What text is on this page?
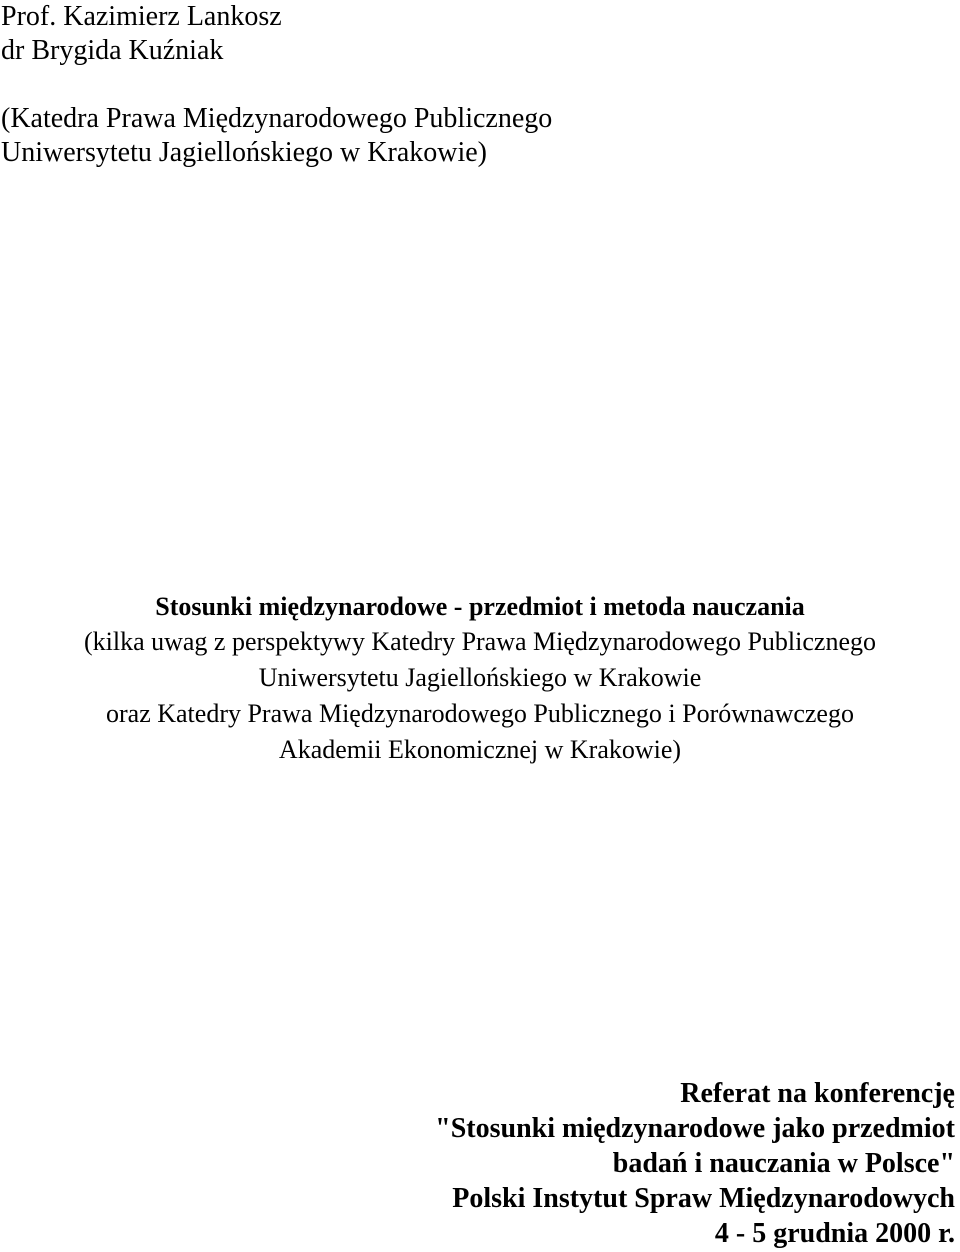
Prof. Kazimierz Lankosz
dr Brygida Kuźniak
(Katedra Prawa Międzynarodowego Publicznego
Uniwersytetu Jagiellońskiego w Krakowie)
Stosunki międzynarodowe - przedmiot i metoda nauczania
(kilka uwag z perspektywy Katedry Prawa Międzynarodowego Publicznego
Uniwersytetu Jagiellońskiego w Krakowie
oraz Katedry Prawa Międzynarodowego Publicznego i Porównawczego
Akademii Ekonomicznej w Krakowie)
Referat na konferencję
"Stosunki międzynarodowe jako przedmiot
badań i nauczania w Polsce"
Polski Instytut Spraw Międzynarodowych
4 - 5 grudnia 2000 r.
